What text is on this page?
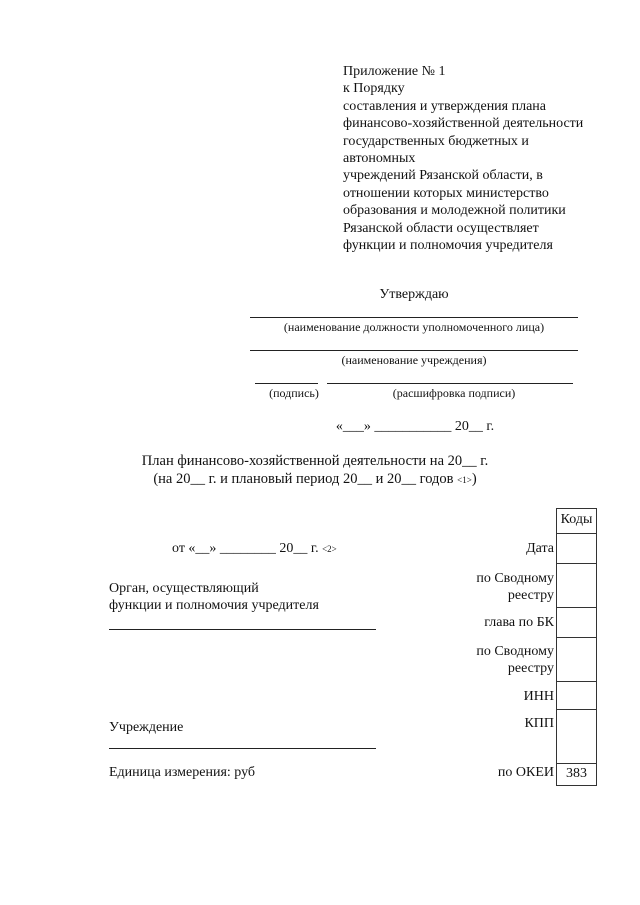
Приложение № 1
к Порядку
составления и утверждения плана
финансово-хозяйственной деятельности
государственных бюджетных и
автономных
учреждений Рязанской области, в
отношении которых министерство
образования и молодежной политики
Рязанской области осуществляет
функции и полномочия учредителя
Утверждаю
(наименование должности уполномоченного лица)
(наименование учреждения)
(подпись)	(расшифровка подписи)
«___» ___________ 20__ г.
План финансово-хозяйственной деятельности на 20__ г.
(на 20__ г. и плановый период 20__ и 20__ годов <1>)
от «__» ________ 20__ г. <2>
Орган, осуществляющий
функции и полномочия учредителя
Учреждение
Единица измерения: руб
Дата
по Сводному
реестру
глава по БК
по Сводному
реестру
ИНН
КПП
по ОКЕИ
Коды
383
